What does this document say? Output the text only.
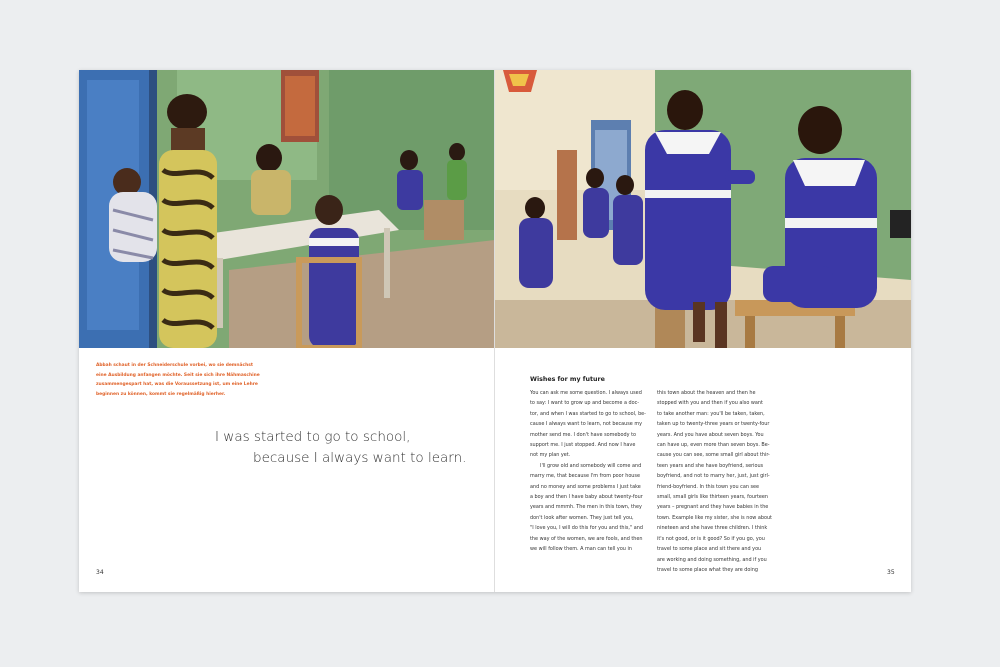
Abbah schaut in der Schneiderschule vorbei, wo sie demnächst
eine Ausbildung anfangen möchte. Seit sie sich ihre Nähmaschine
zusammengespart hat, was die Voraussetzung ist, um eine Lehre
beginnen zu können, kommt sie regelmäßig hierher.
I was started to go to school,
because I always want to learn.
34
Wishes for my future
You can ask me some question. I always used
to say: I want to grow up and become a doc-
tor, and when I was started to go to school, be-
cause I always want to learn, not because my
mother send me. I don't have somebody to
support me. I just stopped. And now I have
not my plan yet.
I'll grow old and somebody will come and
marry me, that because I'm from poor house
and no money and some problems I just take
a boy and then I have baby about twenty-four
years and mmmh. The men in this town, they
don't look after women. They just tell you,
"I love you, I will do this for you and this," and
the way of the women, we are fools, and then
we will follow them. A man can tell you in
this town about the heaven and then he
stopped with you and then if you also want
to take another man: you'll be taken, taken,
taken up to twenty-three years or twenty-four
years. And you have about seven boys. You
can have up, even more than seven boys. Be-
cause you can see, some small girl about thir-
teen years and she have boyfriend, serious
boyfriend, and not to marry her, just, just girl-
friend-boyfriend. In this town you can see
small, small girls like thirteen years, fourteen
years – pregnant and they have babies in the
town. Example like my sister, she is now about
nineteen and she have three children. I think
it's not good, or is it good? So if you go, you
travel to some place and sit there and you
are working and doing something, and if you
travel to some place what they are doing	35
